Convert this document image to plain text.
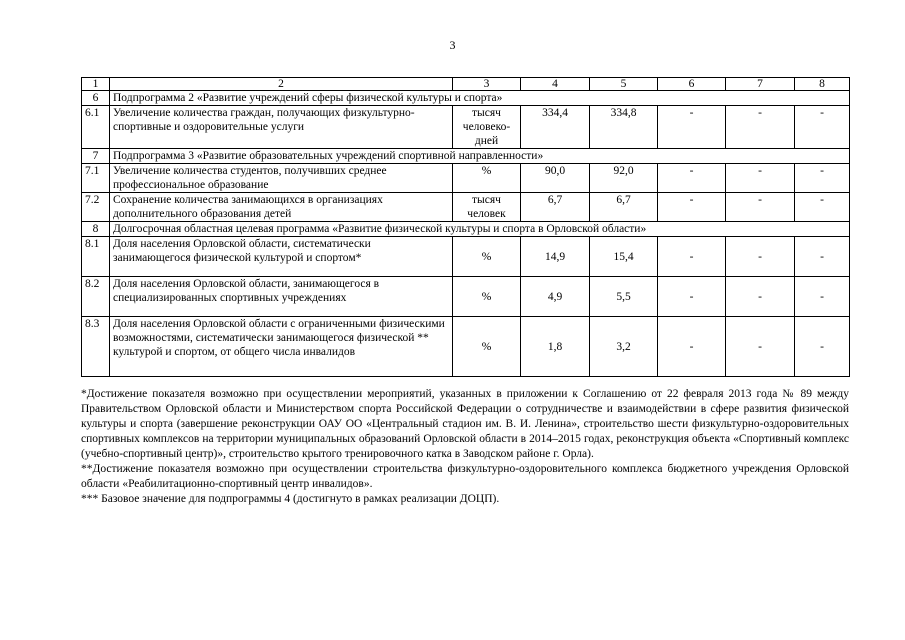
3
1	2	3	4	5	6	7	8
6	Подпрограмма 2 «Развитие учреждений сферы физической культуры и спорта»						
6.1	Увеличение количества граждан, получающих физкультурно-спортивные и оздоровительные услуги	тысяч человеко-дней	334,4	334,8	-	-	-
7	Подпрограмма 3 «Развитие образовательных учреждений спортивной направленности»						
7.1	Увеличение количества студентов, получивших среднее профессиональное образование	%	90,0	92,0	-	-	-
7.2	Сохранение количества занимающихся в организациях дополнительного образования детей	тысяч человек	6,7	6,7	-	-	-
8	Долгосрочная областная целевая программа «Развитие физической культуры и спорта в Орловской области»						
8.1	Доля населения Орловской области, систематически занимающегося физической культурой и спортом*	%	14,9	15,4	-	-	-
8.2	Доля населения Орловской области, занимающегося в специализированных спортивных учреждениях	%	4,9	5,5	-	-	-
8.3	Доля населения Орловской области с ограниченными физическими возможностями, систематически занимающегося физической ** культурой и спортом, от общего числа инвалидов	%	1,8	3,2	-	-	-

*Достижение показателя возможно при осуществлении мероприятий, указанных в приложении к Соглашению от 22 февраля 2013 года № 89 между Правительством Орловской области и Министерством спорта Российской Федерации о сотрудничестве и взаимодействии в сфере развития физической культуры и спорта (завершение реконструкции ОАУ ОО «Центральный стадион им. В. И. Ленина», строительство шести физкультурно-оздоровительных спортивных комплексов на территории муниципальных образований Орловской области в 2014–2015 годах, реконструкция объекта «Спортивный комплекс (учебно-спортивный центр)», строительство крытого тренировочного катка в Заводском районе г. Орла).

**Достижение показателя возможно при осуществлении строительства физкультурно-оздоровительного комплекса бюджетного учреждения Орловской области «Реабилитационно-спортивный центр инвалидов».

*** Базовое значение для подпрограммы 4 (достигнуто в рамках реализации ДОЦП).
